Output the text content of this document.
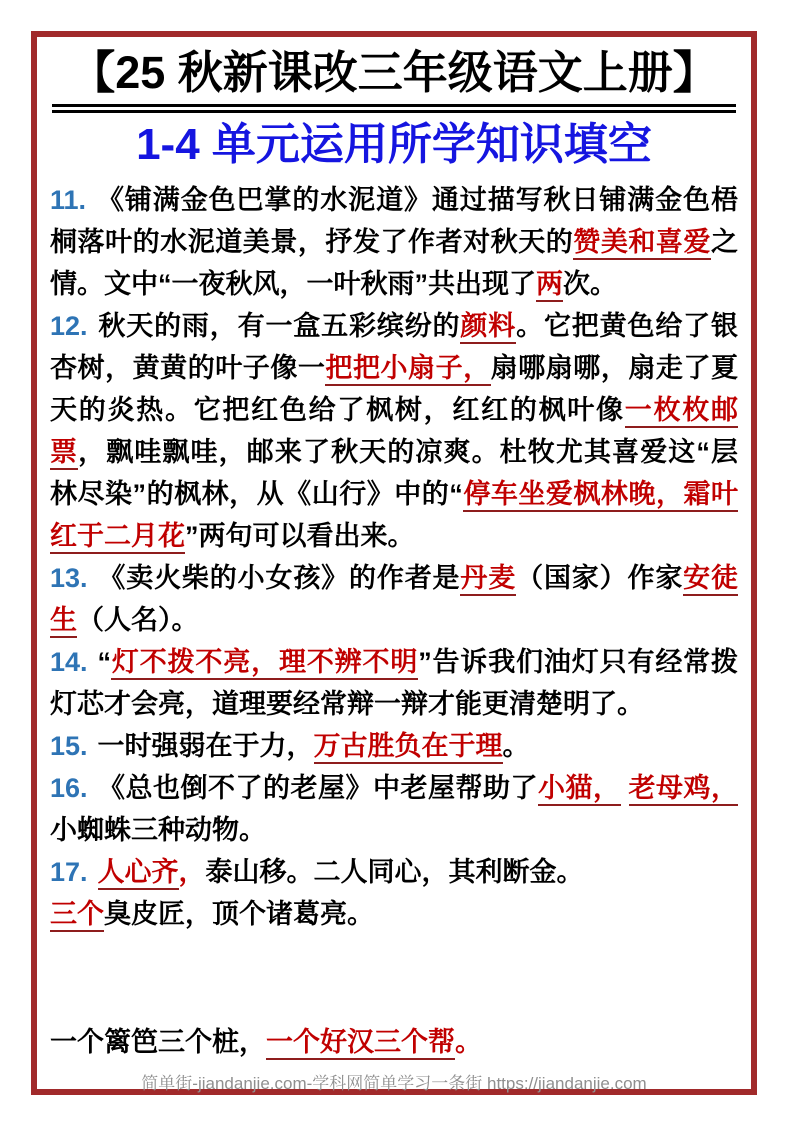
【25 秋新课改三年级语文上册】
1-4 单元运用所学知识填空

11. 《铺满金色巴掌的水泥道》通过描写秋日铺满金色梧桐落叶的水泥道美景，抒发了作者对秋天的赞美和喜爱之情。文中“一夜秋风，一叶秋雨”共出现了两次。

12. 秋天的雨，有一盒五彩缤纷的颜料。它把黄色给了银杏树，黄黄的叶子像一把把小扇子，扇哪扇哪，扇走了夏天的炎热。它把红色给了枫树，红红的枫叶像一枚枚邮票，飘哇飘哇，邮来了秋天的凉爽。杜牧尤其喜爱这“层林尽染”的枫林，从《山行》中的“停车坐爱枫林晚，霜叶红于二月花”两句可以看出来。

13. 《卖火柴的小女孩》的作者是丹麦（国家）作家安徒生（人名）。

14. “灯不拨不亮，理不辨不明”告诉我们油灯只有经常拨灯芯才会亮，道理要经常辩一辩才能更清楚明了。

15. 一时强弱在于力，万古胜负在于理。

16. 《总也倒不了的老屋》中老屋帮助了小猫， 老母鸡，小蜘蛛三种动物。

17. 人心齐，泰山移。二人同心，其利断金。

三个臭皮匠，顶个诸葛亮。

一个篱笆三个桩，一个好汉三个帮。

简单街-jiandanjie.com-学科网简单学习一条街 https://jiandanjie.com
